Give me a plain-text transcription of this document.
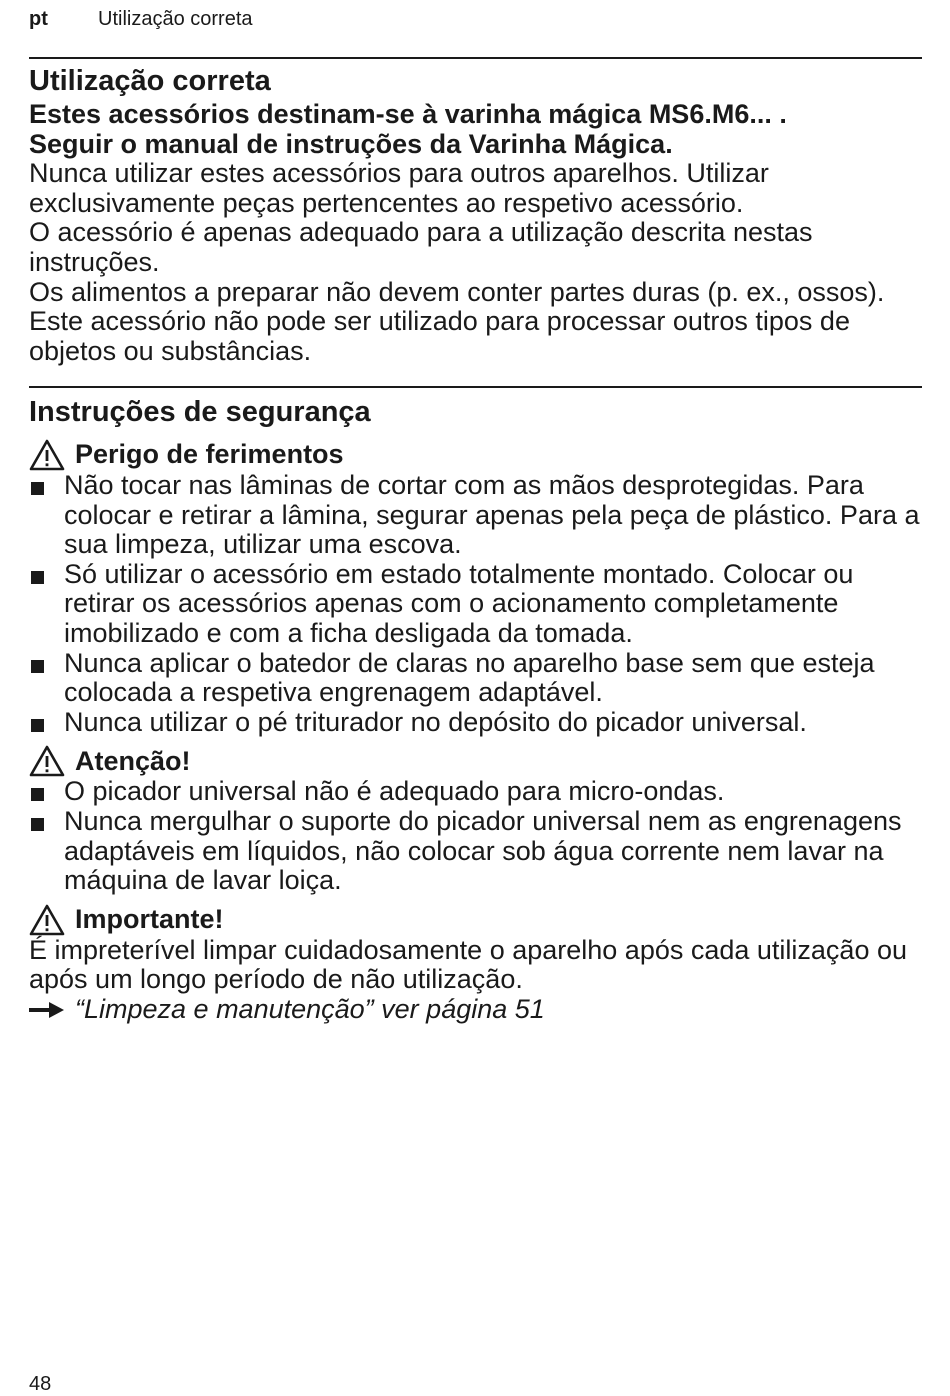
pt	Utilização correta
Utilização correta

Estes acessórios destinam-se à varinha mágica MS6.M6... .

Seguir o manual de instruções da Varinha Mágica.

Nunca utilizar estes acessórios para outros aparelhos. Utilizar exclusivamente peças pertencentes ao respetivo acessório.

O acessório é apenas adequado para a utilização descrita nestas instruções.

Os alimentos a preparar não devem conter partes duras (p. ex., ossos). Este acessório não pode ser utilizado para processar outros tipos de objetos ou substâncias.

Instruções de segurança
Perigo de ferimentos
Não tocar nas lâminas de cortar com as mãos desprotegidas. Para colocar e retirar a lâmina, segurar apenas pela peça de plástico. Para a sua limpeza, utilizar uma escova.
Só utilizar o acessório em estado totalmente montado. Colocar ou retirar os acessórios apenas com o acionamento completamente imobilizado e com a ficha desligada da tomada.
Nunca aplicar o batedor de claras no aparelho base sem que esteja colocada a respetiva engrenagem adaptável.
Nunca utilizar o pé triturador no depósito do picador universal.
Atenção!
O picador universal não é adequado para micro-ondas.
Nunca mergulhar o suporte do picador universal nem as engrenagens adaptáveis em líquidos, não colocar sob água corrente nem lavar na máquina de lavar loiça.
Importante!

É impreterível limpar cuidadosamente o aparelho após cada utilização ou após um longo período de não utilização.

“Limpeza e manutenção” ver página 51
48
